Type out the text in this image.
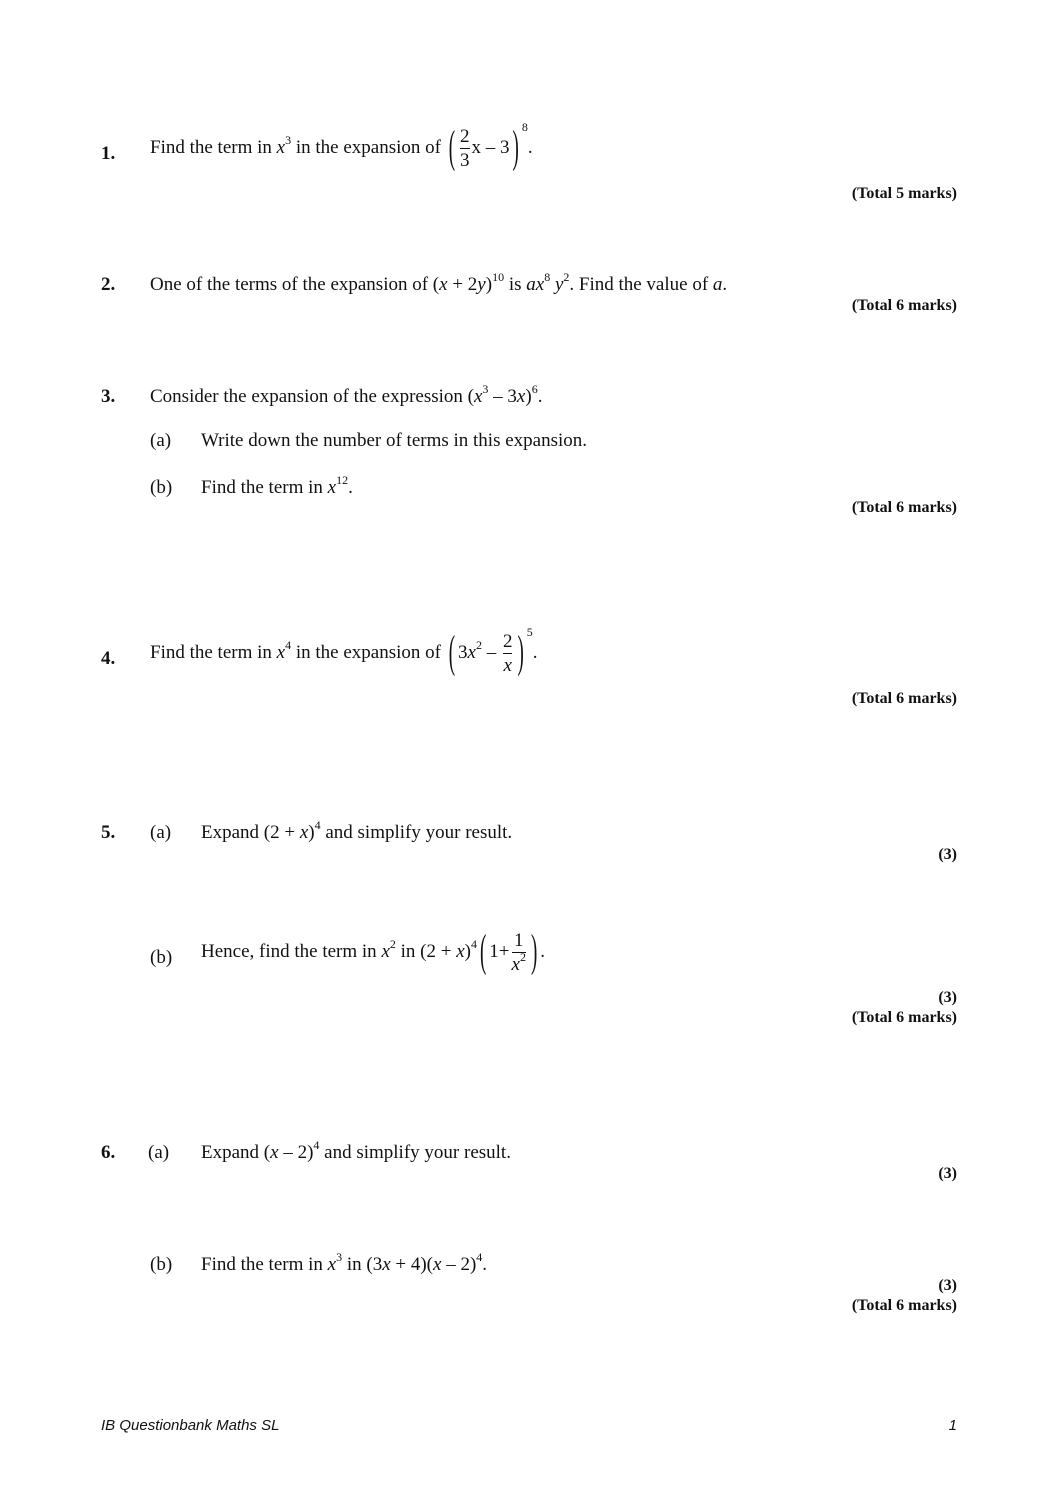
1. Find the term in $x^3$ in the expansion of ( $\frac{2}{3}$ x – 3 ) $^8$.
(Total 5 marks)
2. One of the terms of the expansion of $(x + 2y)^{10}$ is $ax^8$ $y^2$. Find the value of a.
(Total 6 marks)
3. Consider the expansion of the expression $(x^3 - 3x)^6$.
(a) Write down the number of terms in this expansion.
(b) Find the term in $x^{12}$.
(Total 6 marks)
4. Find the term in $x^4$ in the expansion of ( $3x^2 - \frac{2}{x}$ ) $^5$.
(Total 6 marks)
5. (a) Expand $(2 + x)^4$ and simplify your result.
(3)
(b) Hence, find the term in $x^2$ in $(2 + x)^4$ ( $1+ \frac{1}{x^2}$ ) .
(3)
(Total 6 marks)
6. (a) Expand (x – 2)$^4$ and simplify your result.
(3)
(b) Find the term in $x^3$ in (3x + 4)(x – 2)$^4$.
(3)
(Total 6 marks)
IB Questionbank Maths SL	1
